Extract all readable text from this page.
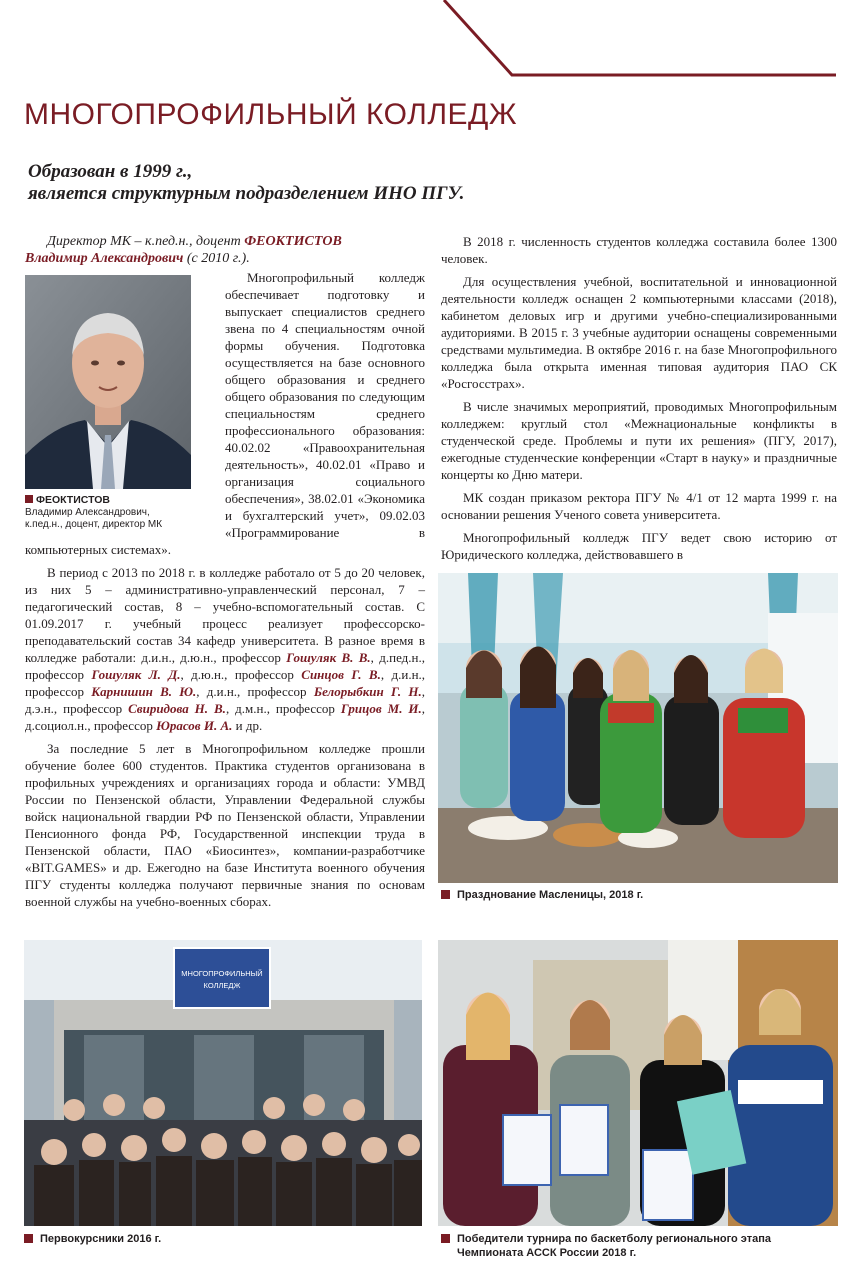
МНОГОПРОФИЛЬНЫЙ КОЛЛЕДЖ
Образован в 1999 г.,
является структурным подразделением ИНО ПГУ.
Директор МК – к.пед.н., доцент ФЕОКТИСТОВ
Владимир Александрович (с 2010 г.).
ФЕОКТИСТОВ
Владимир Александрович,
к.пед.н., доцент, директор МК

Многопрофильный колледж обеспечивает подготовку и выпускает специалистов среднего звена по 4 специальностям очной формы обучения. Подготовка осуществляется на базе основного общего образования и среднего общего образования по следующим специальностям среднего профессионального образования: 40.02.02 «Правоохранительная деятельность», 40.02.01 «Право и организация социального обеспечения», 38.02.01 «Экономика и бухгалтерский учет», 09.02.03 «Программирование в компьютерных системах».

В период с 2013 по 2018 г. в колледже работало от 5 до 20 человек, из них 5 – административно-управленческий персонал, 7 – педагогический состав, 8 – учебно-вспомогательный состав. С 01.09.2017 г. учебный процесс реализует профессорско-преподавательский состав 34 кафедр университета. В разное время в колледже работали: д.и.н., д.ю.н., профессор Гошуляк В. В., д.пед.н., профессор Гошуляк Л. Д., д.ю.н., профессор Синцов Г. В., д.и.н., профессор Карнишин В. Ю., д.и.н., профессор Белорыбкин Г. Н., д.э.н., профессор Свиридова Н. В., д.м.н., профессор Грицов М. И., д.социол.н., профессор Юрасов И. А. и др.

За последние 5 лет в Многопрофильном колледже прошли обучение более 600 студентов. Практика студентов организована в профильных учреждениях и организациях города и области: УМВД России по Пензенской области, Управлении Федеральной службы войск национальной гвардии РФ по Пензенской области, Управлении Пенсионного фонда РФ, Государственной инспекции труда в Пензенской области, ПАО «Биосинтез», компании-разработчике «BIT.GAMES» и др. Ежегодно на базе Института военного обучения ПГУ студенты колледжа получают первичные знания по основам военной службы на учебно-военных сборах.

В 2018 г. численность студентов колледжа составила более 1300 человек.

Для осуществления учебной, воспитательной и инновационной деятельности колледж оснащен 2 компьютерными классами (2018), кабинетом деловых игр и другими учебно-специализированными аудиториями. В 2015 г. 3 учебные аудитории оснащены современными средствами мультимедиа. В октябре 2016 г. на базе Многопрофильного колледжа была открыта именная типовая аудитория ПАО СК «Росгосстрах».

В числе значимых мероприятий, проводимых Многопрофильным колледжем: круглый стол «Межнациональные конфликты в студенческой среде. Проблемы и пути их решения» (ПГУ, 2017), ежегодные студенческие конференции «Старт в науку» и праздничные концерты ко Дню матери.

МК создан приказом ректора ПГУ № 4/1 от 12 марта 1999 г. на основании решения Ученого совета университета.

Многопрофильный колледж ПГУ ведет свою историю от Юридического колледжа, действовавшего в

Празднование Масленицы, 2018 г.
МНОГОПРОФИЛЬНЫЙ
КОЛЛЕДЖ
Первокурсники 2016 г.	Победители турнира по баскетболу регионального этапа
Чемпионата АССК России 2018 г.
